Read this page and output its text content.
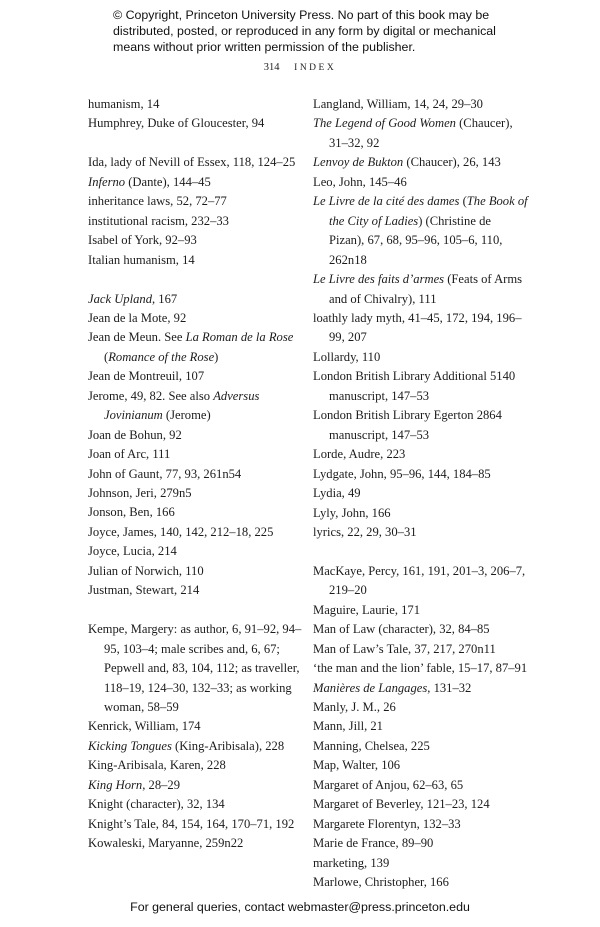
© Copyright, Princeton University Press. No part of this book may be
distributed, posted, or reproduced in any form by digital or mechanical
means without prior written permission of the publisher.
314 INDEX
humanism, 14
Humphrey, Duke of Gloucester, 94
Ida, lady of Nevill of Essex, 118, 124–25
Inferno (Dante), 144–45
inheritance laws, 52, 72–77
institutional racism, 232–33
Isabel of York, 92–93
Italian humanism, 14
Jack Upland, 167
Jean de la Mote, 92
Jean de Meun. See La Roman de la Rose (Romance of the Rose)
Jean de Montreuil, 107
Jerome, 49, 82. See also Adversus Jovinianum (Jerome)
Joan de Bohun, 92
Joan of Arc, 111
John of Gaunt, 77, 93, 261n54
Johnson, Jeri, 279n5
Jonson, Ben, 166
Joyce, James, 140, 142, 212–18, 225
Joyce, Lucia, 214
Julian of Norwich, 110
Justman, Stewart, 214
Kempe, Margery: as author, 6, 91–92, 94–95, 103–4; male scribes and, 6, 67; Pepwell and, 83, 104, 112; as traveller, 118–19, 124–30, 132–33; as working woman, 58–59
Kenrick, William, 174
Kicking Tongues (King-Aribisala), 228
King-Aribisala, Karen, 228
King Horn, 28–29
Knight (character), 32, 134
Knight’s Tale, 84, 154, 164, 170–71, 192
Kowaleski, Maryanne, 259n22
Langland, William, 14, 24, 29–30
The Legend of Good Women (Chaucer), 31–32, 92
Lenvoy de Bukton (Chaucer), 26, 143
Leo, John, 145–46
Le Livre de la cité des dames (The Book of the City of Ladies) (Christine de Pizan), 67, 68, 95–96, 105–6, 110, 262n18
Le Livre des faits d’armes (Feats of Arms and of Chivalry), 111
loathly lady myth, 41–45, 172, 194, 196–99, 207
Lollardy, 110
London British Library Additional 5140 manuscript, 147–53
London British Library Egerton 2864 manuscript, 147–53
Lorde, Audre, 223
Lydgate, John, 95–96, 144, 184–85
Lydia, 49
Lyly, John, 166
lyrics, 22, 29, 30–31
MacKaye, Percy, 161, 191, 201–3, 206–7, 219–20
Maguire, Laurie, 171
Man of Law (character), 32, 84–85
Man of Law’s Tale, 37, 217, 270n11
‘the man and the lion’ fable, 15–17, 87–91
Manières de Langages, 131–32
Manly, J. M., 26
Mann, Jill, 21
Manning, Chelsea, 225
Map, Walter, 106
Margaret of Anjou, 62–63, 65
Margaret of Beverley, 121–23, 124
Margarete Florentyn, 132–33
Marie de France, 89–90
marketing, 139
Marlowe, Christopher, 166
For general queries, contact webmaster@press.princeton.edu
